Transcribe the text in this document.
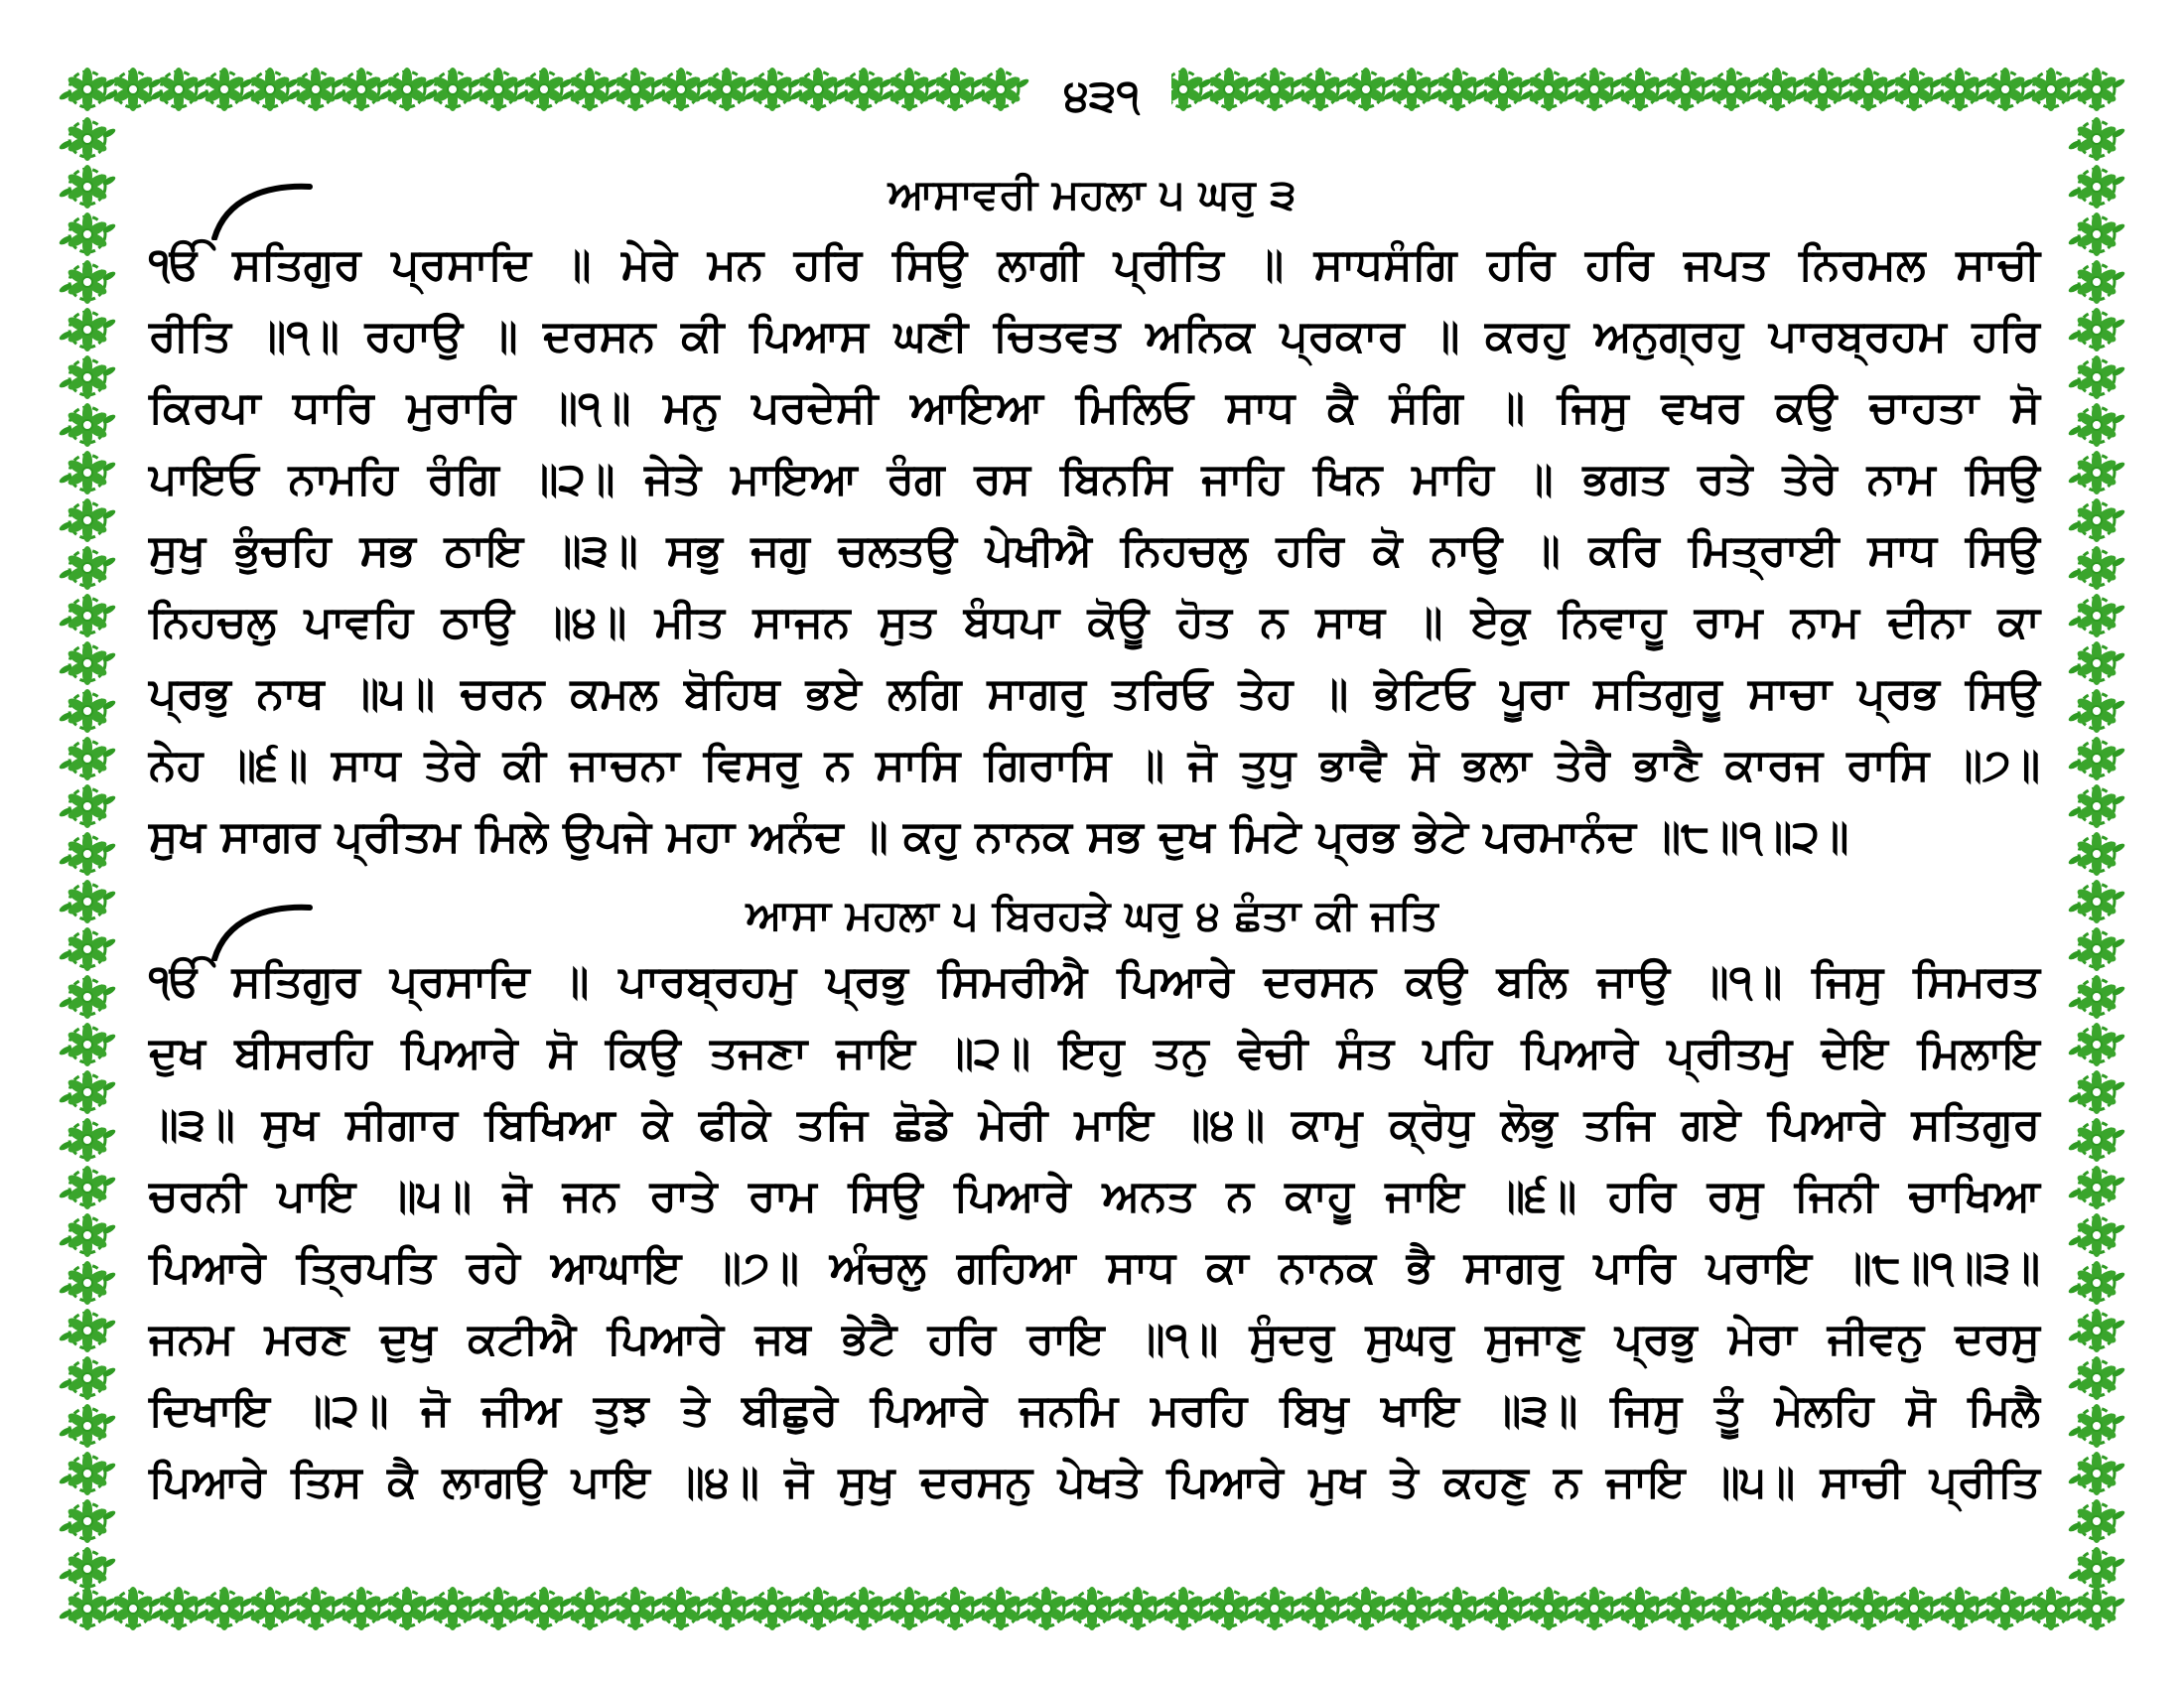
੪੩੧
ਆਸਾਵਰੀ ਮਹਲਾ ੫ ਘਰੁ ੩
ੴ ਸਤਿਗੁਰ ਪ੍ਰਸਾਦਿ ॥ ਮੇਰੇ ਮਨ ਹਰਿ ਸਿਉ ਲਾਗੀ ਪ੍ਰੀਤਿ ॥ ਸਾਧਸੰਗਿ ਹਰਿ ਹਰਿ ਜਪਤ ਨਿਰਮਲ ਸਾਚੀ
ਰੀਤਿ ॥੧॥ ਰਹਾਉ ॥ ਦਰਸਨ ਕੀ ਪਿਆਸ ਘਣੀ ਚਿਤਵਤ ਅਨਿਕ ਪ੍ਰਕਾਰ ॥ ਕਰਹੁ ਅਨੁਗ੍ਰਹੁ ਪਾਰਬ੍ਰਹਮ ਹਰਿ
ਕਿਰਪਾ ਧਾਰਿ ਮੁਰਾਰਿ ॥੧॥ ਮਨੁ ਪਰਦੇਸੀ ਆਇਆ ਮਿਲਿਓ ਸਾਧ ਕੈ ਸੰਗਿ ॥ ਜਿਸੁ ਵਖਰ ਕਉ ਚਾਹਤਾ ਸੋ
ਪਾਇਓ ਨਾਮਹਿ ਰੰਗਿ ॥੨॥ ਜੇਤੇ ਮਾਇਆ ਰੰਗ ਰਸ ਬਿਨਸਿ ਜਾਹਿ ਖਿਨ ਮਾਹਿ ॥ ਭਗਤ ਰਤੇ ਤੇਰੇ ਨਾਮ ਸਿਉ
ਸੁਖੁ ਭੁੰਚਹਿ ਸਭ ਠਾਇ ॥੩॥ ਸਭੁ ਜਗੁ ਚਲਤਉ ਪੇਖੀਐ ਨਿਹਚਲੁ ਹਰਿ ਕੋ ਨਾਉ ॥ ਕਰਿ ਮਿਤ੍ਰਾਈ ਸਾਧ ਸਿਉ
ਨਿਹਚਲੁ ਪਾਵਹਿ ਠਾਉ ॥੪॥ ਮੀਤ ਸਾਜਨ ਸੁਤ ਬੰਧਪਾ ਕੋਊ ਹੋਤ ਨ ਸਾਥ ॥ ਏਕੁ ਨਿਵਾਹੂ ਰਾਮ ਨਾਮ ਦੀਨਾ ਕਾ
ਪ੍ਰਭੁ ਨਾਥ ॥੫॥ ਚਰਨ ਕਮਲ ਬੋਹਿਥ ਭਏ ਲਗਿ ਸਾਗਰੁ ਤਰਿਓ ਤੇਹ ॥ ਭੇਟਿਓ ਪੂਰਾ ਸਤਿਗੁਰੂ ਸਾਚਾ ਪ੍ਰਭ ਸਿਉ
ਨੇਹ ॥੬॥ ਸਾਧ ਤੇਰੇ ਕੀ ਜਾਚਨਾ ਵਿਸਰੁ ਨ ਸਾਸਿ ਗਿਰਾਸਿ ॥ ਜੋ ਤੁਧੁ ਭਾਵੈ ਸੋ ਭਲਾ ਤੇਰੈ ਭਾਣੈ ਕਾਰਜ ਰਾਸਿ ॥੭॥
ਸੁਖ ਸਾਗਰ ਪ੍ਰੀਤਮ ਮਿਲੇ ਉਪਜੇ ਮਹਾ ਅਨੰਦ ॥ ਕਹੁ ਨਾਨਕ ਸਭ ਦੁਖ ਮਿਟੇ ਪ੍ਰਭ ਭੇਟੇ ਪਰਮਾਨੰਦ ॥੮॥੧॥੨॥
ਆਸਾ ਮਹਲਾ ੫ ਬਿਰਹੜੇ ਘਰੁ ੪ ਛੰਤਾ ਕੀ ਜਤਿ
ੴ ਸਤਿਗੁਰ ਪ੍ਰਸਾਦਿ ॥ ਪਾਰਬ੍ਰਹਮੁ ਪ੍ਰਭੁ ਸਿਮਰੀਐ ਪਿਆਰੇ ਦਰਸਨ ਕਉ ਬਲਿ ਜਾਉ ॥੧॥ ਜਿਸੁ ਸਿਮਰਤ
ਦੁਖ ਬੀਸਰਹਿ ਪਿਆਰੇ ਸੋ ਕਿਉ ਤਜਣਾ ਜਾਇ ॥੨॥ ਇਹੁ ਤਨੁ ਵੇਚੀ ਸੰਤ ਪਹਿ ਪਿਆਰੇ ਪ੍ਰੀਤਮੁ ਦੇਇ ਮਿਲਾਇ
॥੩॥ ਸੁਖ ਸੀਗਾਰ ਬਿਖਿਆ ਕੇ ਫੀਕੇ ਤਜਿ ਛੋਡੇ ਮੇਰੀ ਮਾਇ ॥੪॥ ਕਾਮੁ ਕ੍ਰੋਧੁ ਲੋਭੁ ਤਜਿ ਗਏ ਪਿਆਰੇ ਸਤਿਗੁਰ
ਚਰਨੀ ਪਾਇ ॥੫॥ ਜੋ ਜਨ ਰਾਤੇ ਰਾਮ ਸਿਉ ਪਿਆਰੇ ਅਨਤ ਨ ਕਾਹੂ ਜਾਇ ॥੬॥ ਹਰਿ ਰਸੁ ਜਿਨੀ ਚਾਖਿਆ
ਪਿਆਰੇ ਤ੍ਰਿਪਤਿ ਰਹੇ ਆਘਾਇ ॥੭॥ ਅੰਚਲੁ ਗਹਿਆ ਸਾਧ ਕਾ ਨਾਨਕ ਭੈ ਸਾਗਰੁ ਪਾਰਿ ਪਰਾਇ ॥੮॥੧॥੩॥
ਜਨਮ ਮਰਣ ਦੁਖੁ ਕਟੀਐ ਪਿਆਰੇ ਜਬ ਭੇਟੈ ਹਰਿ ਰਾਇ ॥੧॥ ਸੁੰਦਰੁ ਸੁਘਰੁ ਸੁਜਾਣੁ ਪ੍ਰਭੁ ਮੇਰਾ ਜੀਵਨੁ ਦਰਸੁ
ਦਿਖਾਇ ॥੨॥ ਜੋ ਜੀਅ ਤੁਝ ਤੇ ਬੀਛੁਰੇ ਪਿਆਰੇ ਜਨਮਿ ਮਰਹਿ ਬਿਖੁ ਖਾਇ ॥੩॥ ਜਿਸੁ ਤੂੰ ਮੇਲਹਿ ਸੋ ਮਿਲੈ
ਪਿਆਰੇ ਤਿਸ ਕੈ ਲਾਗਉ ਪਾਇ ॥੪॥ ਜੋ ਸੁਖੁ ਦਰਸਨੁ ਪੇਖਤੇ ਪਿਆਰੇ ਮੁਖ ਤੇ ਕਹਣੁ ਨ ਜਾਇ ॥੫॥ ਸਾਚੀ ਪ੍ਰੀਤਿ
